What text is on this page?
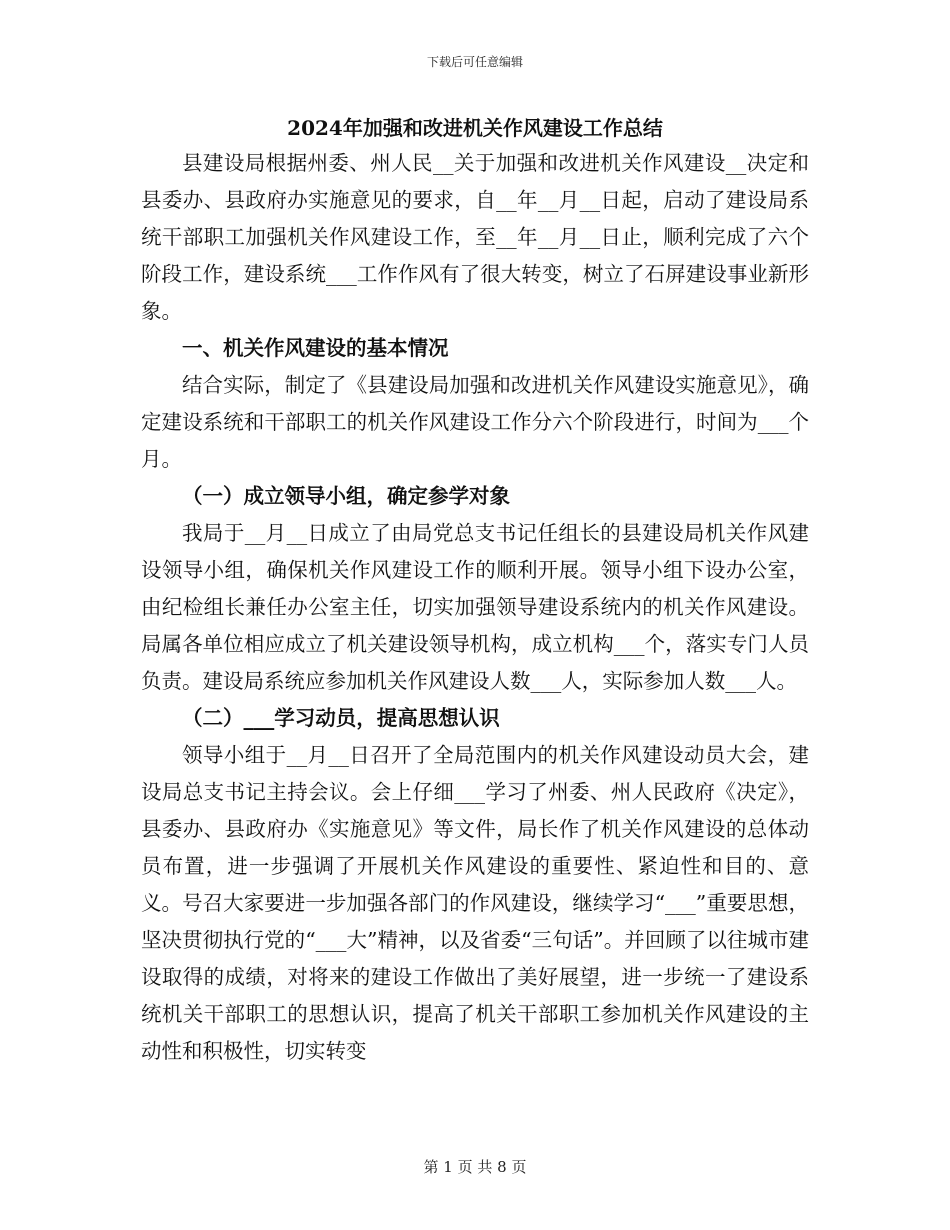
下载后可任意编辑
2024年加强和改进机关作风建设工作总结

县建设局根据州委、州人民__关于加强和改进机关作风建设__决定和县委办、县政府办实施意见的要求，自__年__月__日起，启动了建设局系统干部职工加强机关作风建设工作，至__年__月__日止，顺利完成了六个阶段工作，建设系统___工作作风有了很大转变，树立了石屏建设事业新形象。

一、机关作风建设的基本情况

结合实际，制定了《县建设局加强和改进机关作风建设实施意见》，确定建设系统和干部职工的机关作风建设工作分六个阶段进行，时间为___个月。

（一）成立领导小组，确定参学对象

我局于__月__日成立了由局党总支书记任组长的县建设局机关作风建设领导小组，确保机关作风建设工作的顺利开展。领导小组下设办公室，由纪检组长兼任办公室主任，切实加强领导建设系统内的机关作风建设。局属各单位相应成立了机关建设领导机构，成立机构___个，落实专门人员负责。建设局系统应参加机关作风建设人数___人，实际参加人数___人。

（二）___学习动员，提高思想认识

领导小组于__月__日召开了全局范围内的机关作风建设动员大会，建设局总支书记主持会议。会上仔细___学习了州委、州人民政府《决定》，县委办、县政府办《实施意见》等文件，局长作了机关作风建设的总体动员布置，进一步强调了开展机关作风建设的重要性、紧迫性和目的、意义。号召大家要进一步加强各部门的作风建设，继续学习“___”重要思想，坚决贯彻执行党的“___大”精神，以及省委“三句话”。并回顾了以往城市建设取得的成绩，对将来的建设工作做出了美好展望，进一步统一了建设系统机关干部职工的思想认识，提高了机关干部职工参加机关作风建设的主动性和积极性，切实转变

第 1 页 共 8 页
